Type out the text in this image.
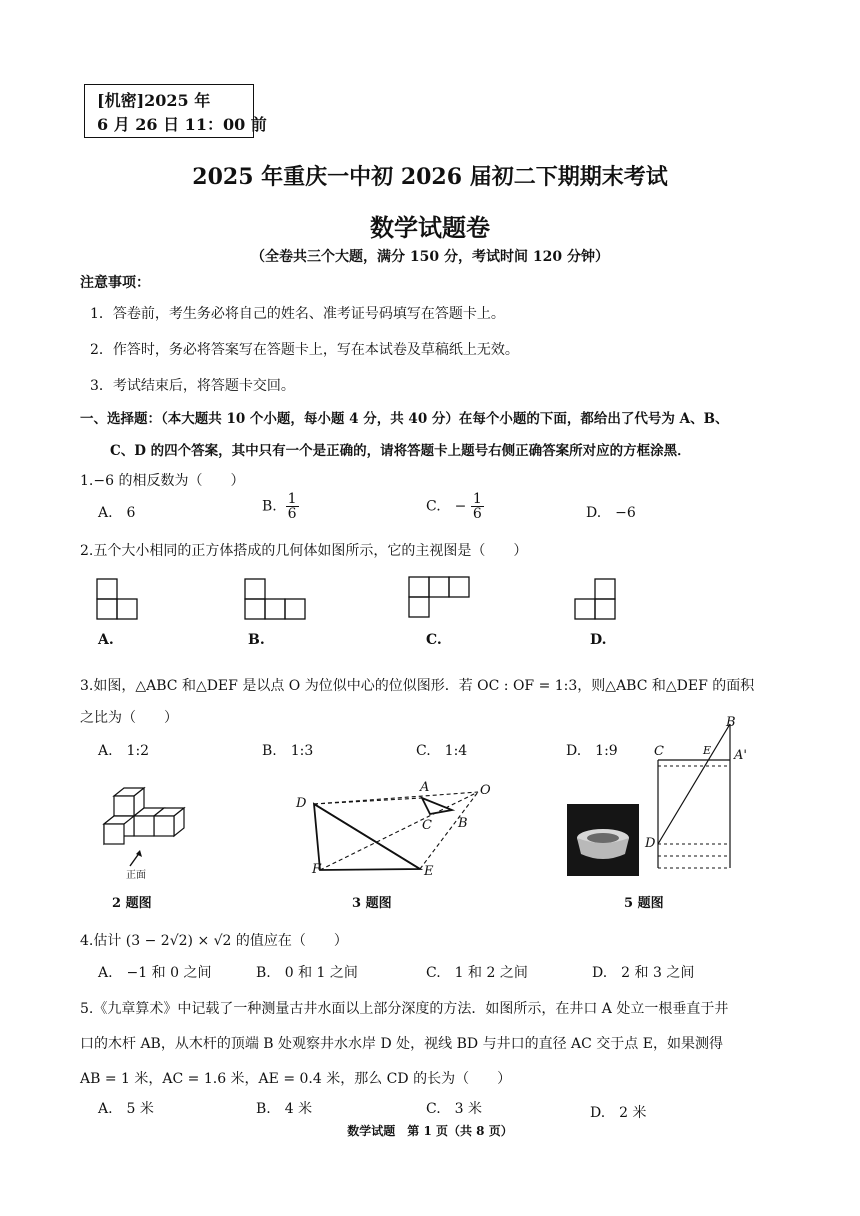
[机密]2025 年
6 月 26 日 11：00 前
2025 年重庆一中初 2026 届初二下期期末考试
数学试题卷
（全卷共三个大题，满分 150 分，考试时间 120 分钟）
注意事项：
1．答卷前，考生务必将自己的姓名、准考证号码填写在答题卡上。
2．作答时，务必将答案写在答题卡上，写在本试卷及草稿纸上无效。
3．考试结束后，将答题卡交回。
一、选择题：（本大题共 10 个小题，每小题 4 分，共 40 分）在每个小题的下面，都给出了代号为 A、B、
C、D 的四个答案，其中只有一个是正确的，请将答题卡上题号右侧正确答案所对应的方框涂黑．
1.−6 的相反数为（　　）
A.　6	B. $\frac{1}{6}$	C.　− $\frac{1}{6}$	D.　−6
2.五个大小相同的正方体搭成的几何体如图所示，它的主视图是（　　）
A.	B.	C.	D.
3.如图，△ABC 和△DEF 是以点 O 为位似中心的位似图形．若 OC : OF = 1:3，则△ABC 和△DEF 的面积
之比为（　　）
A.　1:2	B.　1:3	C.　1:4	D.　1:9
正面
2 题图
D
A
C B
O
F	E
3 题图
B
C	E A'
D
5 题图
4.估计 (3 − 2√2) × √2 的值应在（　　）
A.　−1 和 0 之间	B.　0 和 1 之间	C.　1 和 2 之间	D.　2 和 3 之间
5.《九章算术》中记载了一种测量古井水面以上部分深度的方法．如图所示，在井口 A 处立一根垂直于井
口的木杆 AB，从木杆的顶端 B 处观察井水水岸 D 处，视线 BD 与井口的直径 AC 交于点 E，如果测得
AB = 1 米，AC = 1.6 米，AE = 0.4 米，那么 CD 的长为（　　）
A.　5 米	B.　4 米	C.　3 米	D.　2 米
数学试题　第 1 页（共 8 页）
